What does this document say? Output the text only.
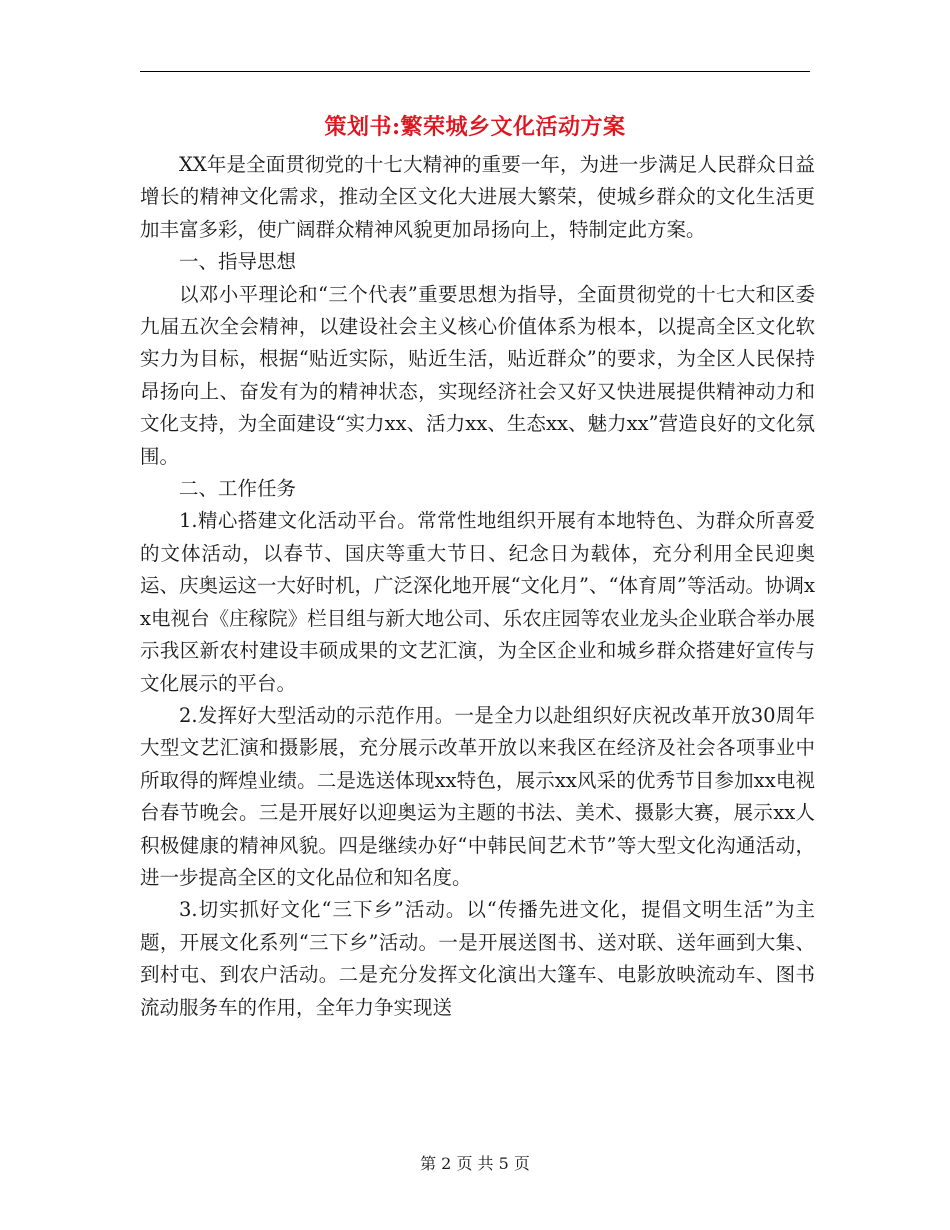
策划书:繁荣城乡文化活动方案

XX年是全面贯彻党的十七大精神的重要一年，为进一步满足人民群众日益增长的精神文化需求，推动全区文化大进展大繁荣，使城乡群众的文化生活更加丰富多彩，使广阔群众精神风貌更加昂扬向上，特制定此方案。

一、指导思想

以邓小平理论和“三个代表”重要思想为指导，全面贯彻党的十七大和区委九届五次全会精神，以建设社会主义核心价值体系为根本，以提高全区文化软实力为目标，根据“贴近实际，贴近生活，贴近群众”的要求，为全区人民保持昂扬向上、奋发有为的精神状态，实现经济社会又好又快进展提供精神动力和文化支持，为全面建设“实力xx、活力xx、生态xx、魅力xx”营造良好的文化氛围。

二、工作任务

1.精心搭建文化活动平台。常常性地组织开展有本地特色、为群众所喜爱的文体活动，以春节、国庆等重大节日、纪念日为载体，充分利用全民迎奥运、庆奥运这一大好时机，广泛深化地开展“文化月”、“体育周”等活动。协调xx电视台《庄稼院》栏目组与新大地公司、乐农庄园等农业龙头企业联合举办展示我区新农村建设丰硕成果的文艺汇演，为全区企业和城乡群众搭建好宣传与文化展示的平台。

2.发挥好大型活动的示范作用。一是全力以赴组织好庆祝改革开放30周年大型文艺汇演和摄影展，充分展示改革开放以来我区在经济及社会各项事业中所取得的辉煌业绩。二是选送体现xx特色，展示xx风采的优秀节目参加xx电视台春节晚会。三是开展好以迎奥运为主题的书法、美术、摄影大赛，展示xx人积极健康的精神风貌。四是继续办好“中韩民间艺术节”等大型文化沟通活动，进一步提高全区的文化品位和知名度。

3.切实抓好文化“三下乡”活动。以“传播先进文化，提倡文明生活”为主题，开展文化系列“三下乡”活动。一是开展送图书、送对联、送年画到大集、到村屯、到农户活动。二是充分发挥文化演出大篷车、电影放映流动车、图书流动服务车的作用，全年力争实现送

第 2 页 共 5 页
